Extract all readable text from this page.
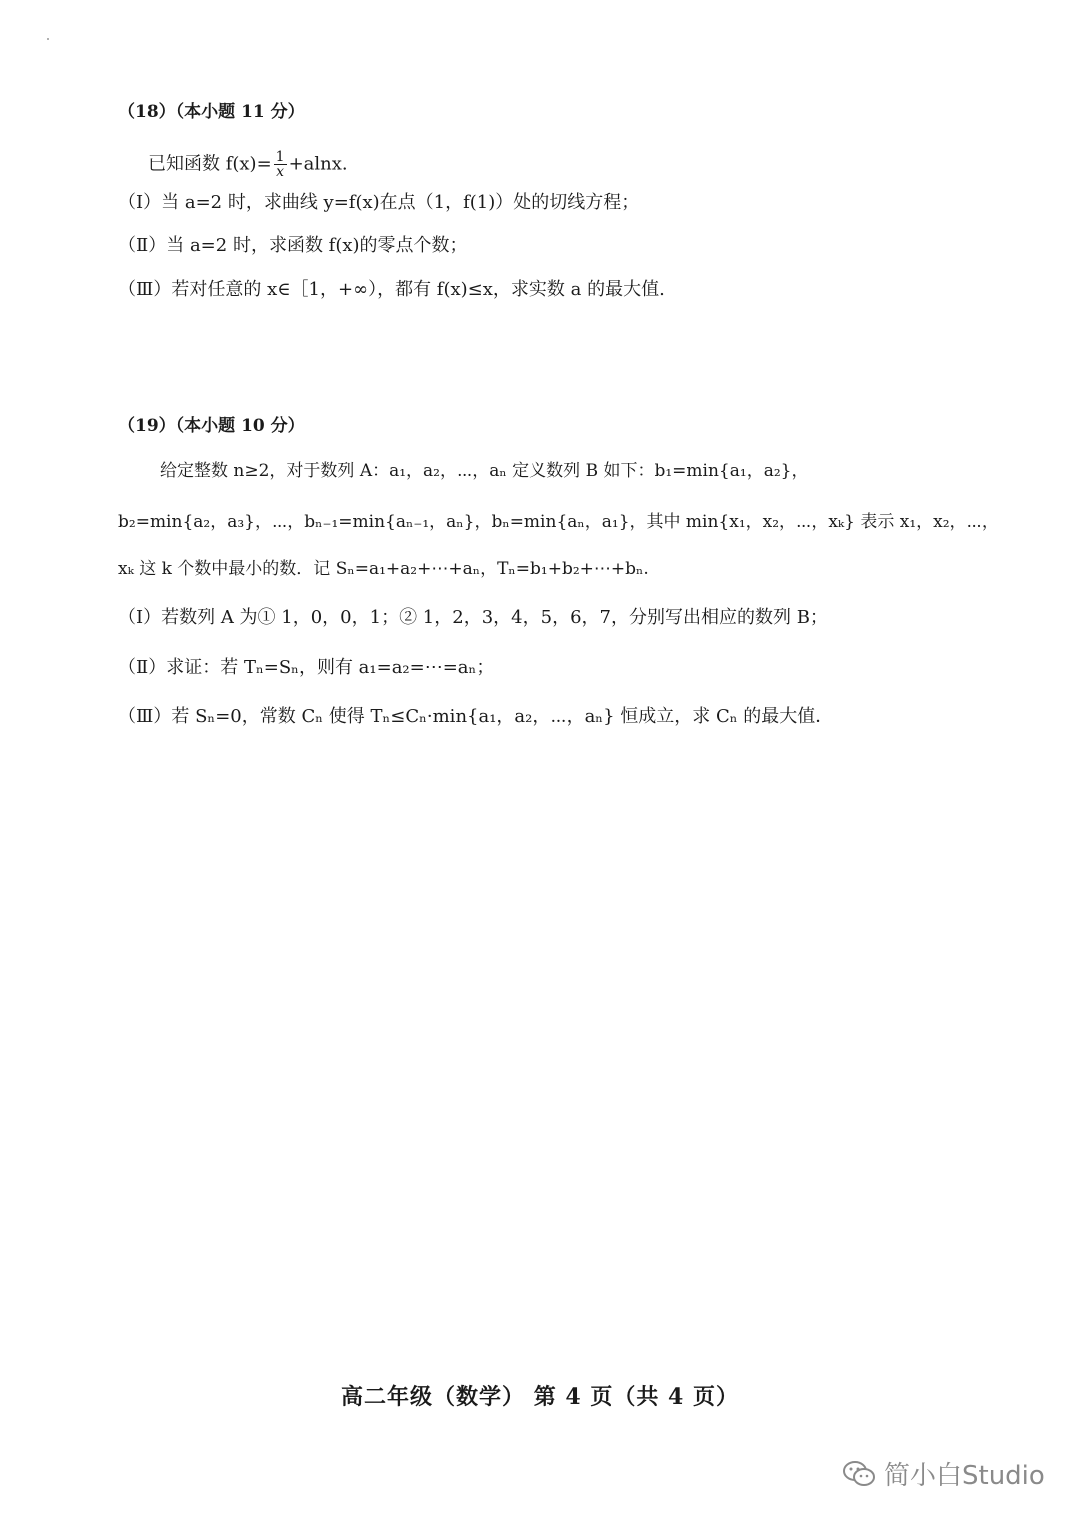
（18）（本小题 11 分）
已知函数 $f(x)= \frac{1}{x} +alnx$.
（Ⅰ）当 a=2 时，求曲线 y=f(x)在点（1，f(1)）处的切线方程；
（Ⅱ）当 a=2 时，求函数 f(x)的零点个数；
（Ⅲ）若对任意的 x∈［1，+∞），都有 f(x)≤x，求实数 a 的最大值.
（19）（本小题 10 分）
给定整数 n≥2，对于数列 A：a₁，a₂，⋯，aₙ 定义数列 B 如下：b₁=min{a₁，a₂}，
b₂=min{a₂，a₃}，⋯，bₙ₋₁=min{aₙ₋₁，aₙ}，bₙ=min{aₙ，a₁}，其中 min{x₁，x₂，⋯，xₖ} 表示 x₁，x₂，⋯，
xₖ 这 k 个数中最小的数．记 Sₙ=a₁+a₂+⋯+aₙ，Tₙ=b₁+b₂+⋯+bₙ.
（Ⅰ）若数列 A 为① 1，0，0，1；② 1，2，3，4，5，6，7，分别写出相应的数列 B；
（Ⅱ）求证：若 Tₙ=Sₙ，则有 a₁=a₂=⋯=aₙ；
（Ⅲ）若 Sₙ=0，常数 Cₙ 使得 Tₙ≤Cₙ·min{a₁，a₂，⋯，aₙ} 恒成立，求 Cₙ 的最大值．
高二年级（数学） 第 4 页（共 4 页）
简小白Studio
